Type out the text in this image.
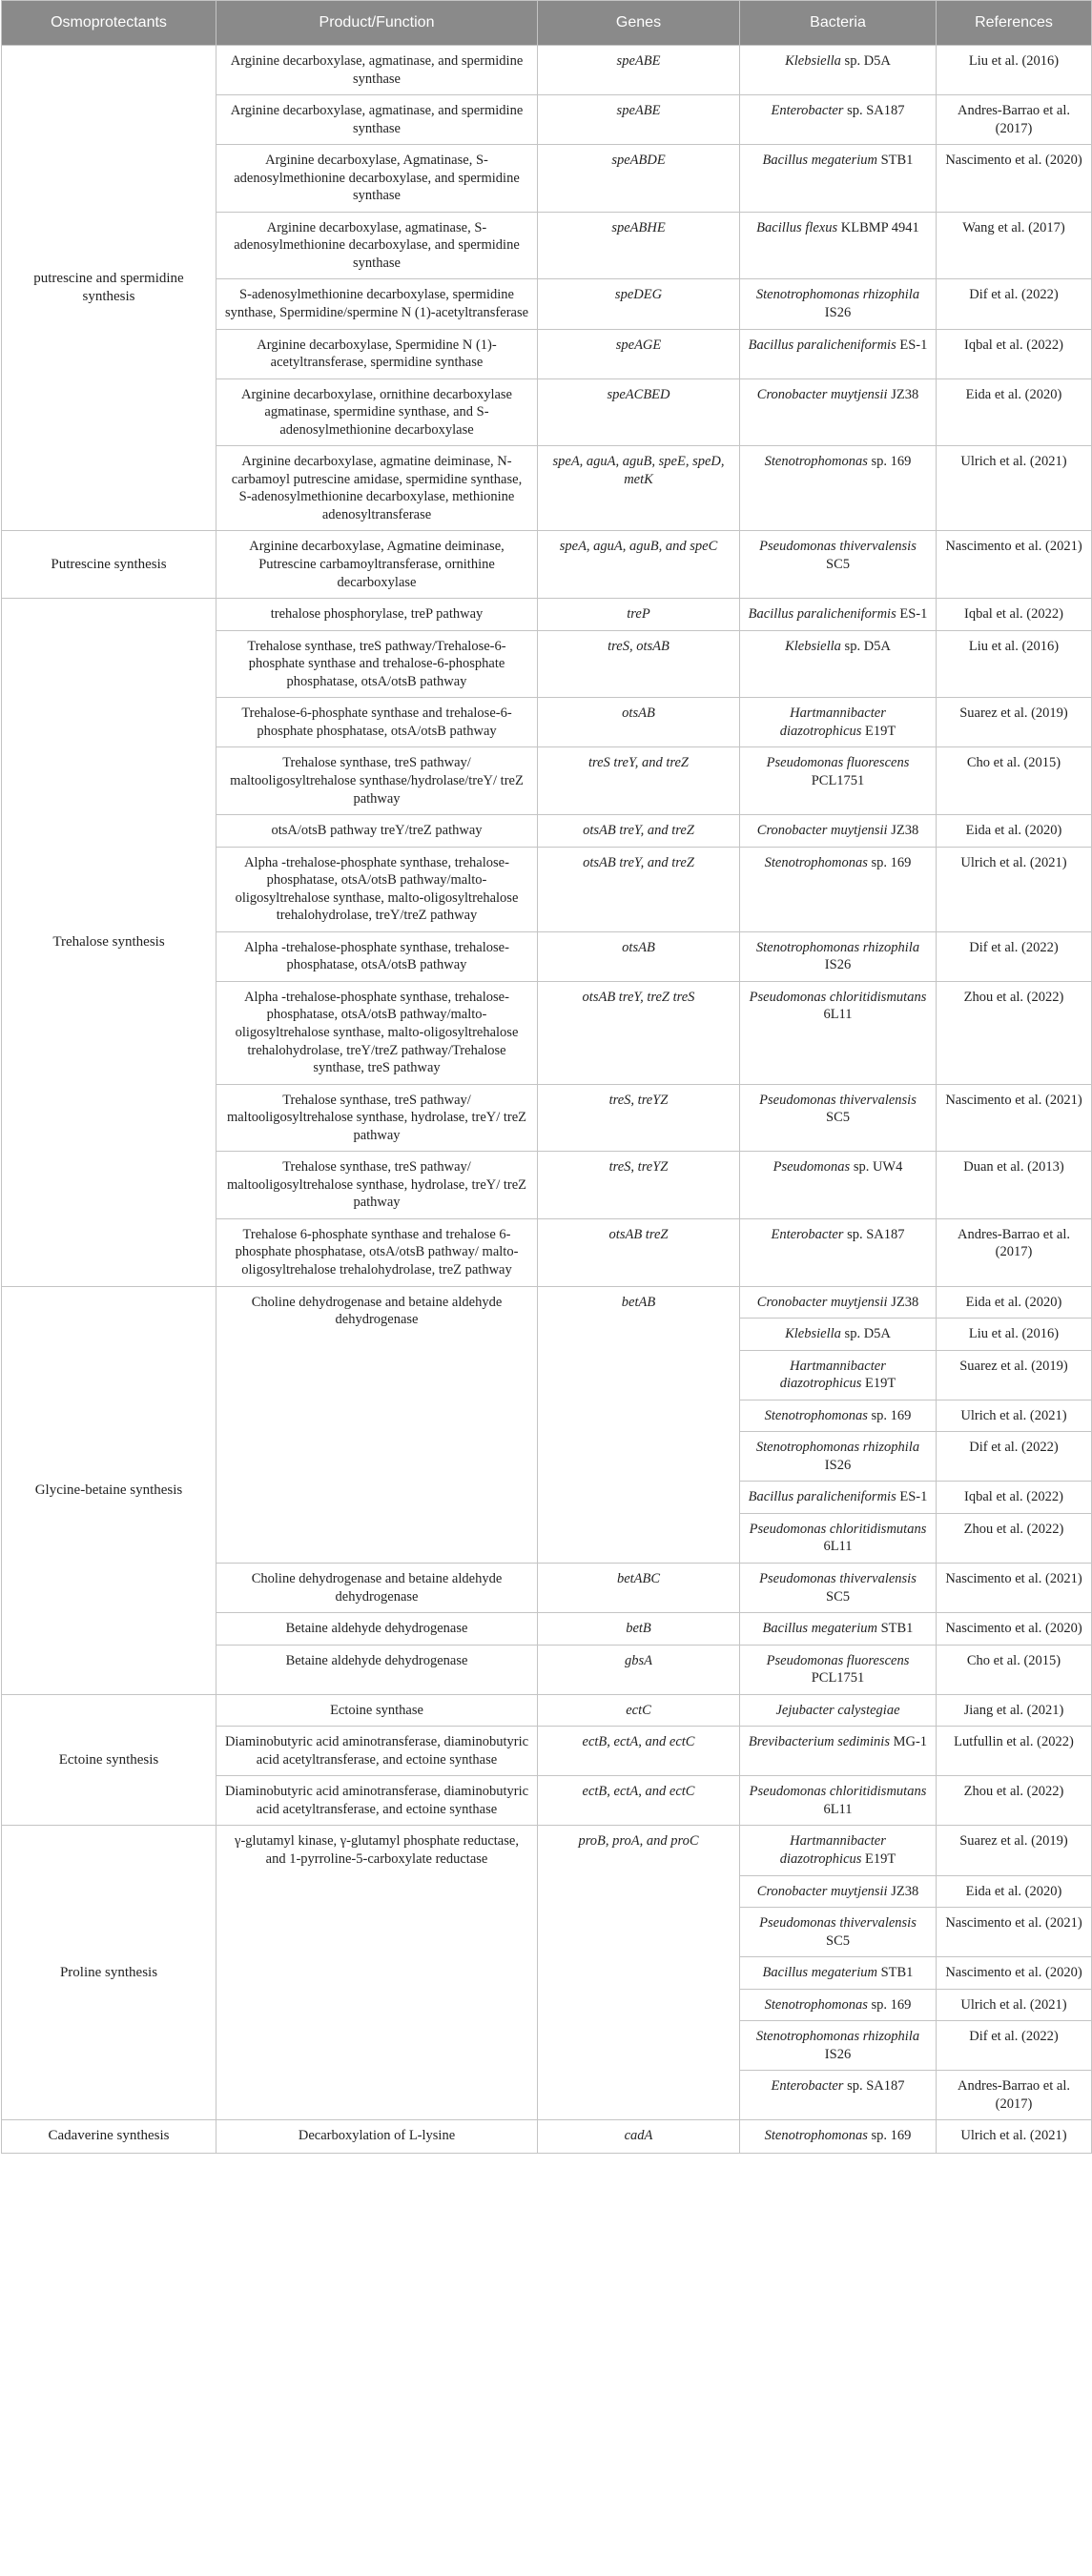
Osmoprotectants	Product/Function	Genes	Bacteria	References
putrescine and spermidine synthesis	Arginine decarboxylase, agmatinase, and spermidine synthase	speABE	Klebsiella sp. D5A	Liu et al. (2016)
	Arginine decarboxylase, agmatinase, and spermidine synthase	speABE	Enterobacter sp. SA187	Andres-Barrao et al. (2017)
	Arginine decarboxylase, Agmatinase, S-adenosylmethionine decarboxylase, and spermidine synthase	speABDE	Bacillus megaterium STB1	Nascimento et al. (2020)
	Arginine decarboxylase, agmatinase, S-adenosylmethionine decarboxylase, and spermidine synthase	speABHE	Bacillus flexus KLBMP 4941	Wang et al. (2017)
	S-adenosylmethionine decarboxylase, spermidine synthase, Spermidine/spermine N (1)-acetyltransferase	speDEG	Stenotrophomonas rhizophila IS26	Dif et al. (2022)
	Arginine decarboxylase, Spermidine N (1)-acetyltransferase, spermidine synthase	speAGE	Bacillus paralicheniformis ES-1	Iqbal et al. (2022)
	Arginine decarboxylase, ornithine decarboxylase agmatinase, spermidine synthase, and S-adenosylmethionine decarboxylase	speACBED	Cronobacter muytjensii JZ38	Eida et al. (2020)
	Arginine decarboxylase, agmatine deiminase, N-carbamoyl putrescine amidase, spermidine synthase, S-adenosylmethionine decarboxylase, methionine adenosyltransferase	speA, aguA, aguB, speE, speD, metK	Stenotrophomonas sp. 169	Ulrich et al. (2021)
Putrescine synthesis	Arginine decarboxylase, Agmatine deiminase, Putrescine carbamoyltransferase, ornithine decarboxylase	speA, aguA, aguB, and speC	Pseudomonas thivervalensis SC5	Nascimento et al. (2021)
Trehalose synthesis	trehalose phosphorylase, treP pathway	treP	Bacillus paralicheniformis ES-1	Iqbal et al. (2022)
	Trehalose synthase, treS pathway/Trehalose-6-phosphate synthase and trehalose-6-phosphate phosphatase, otsA/otsB pathway	treS, otsAB	Klebsiella sp. D5A	Liu et al. (2016)
	Trehalose-6-phosphate synthase and trehalose-6-phosphate phosphatase, otsA/otsB pathway	otsAB	Hartmannibacter diazotrophicus E19T	Suarez et al. (2019)
	Trehalose synthase, treS pathway/ maltooligosyltrehalose synthase/hydrolase/treY/ treZ pathway	treS treY, and treZ	Pseudomonas fluorescens PCL1751	Cho et al. (2015)
	otsA/otsB pathway treY/treZ pathway	otsAB treY, and treZ	Cronobacter muytjensii JZ38	Eida et al. (2020)
	Alpha -trehalose-phosphate synthase, trehalose-phosphatase, otsA/otsB pathway/malto-oligosyltrehalose synthase, malto-oligosyltrehalose trehalohydrolase, treY/treZ pathway	otsAB treY, and treZ	Stenotrophomonas sp. 169	Ulrich et al. (2021)
	Alpha -trehalose-phosphate synthase, trehalose-phosphatase, otsA/otsB pathway	otsAB	Stenotrophomonas rhizophila IS26	Dif et al. (2022)
	Alpha -trehalose-phosphate synthase, trehalose-phosphatase, otsA/otsB pathway/malto-oligosyltrehalose synthase, malto-oligosyltrehalose trehalohydrolase, treY/treZ pathway/Trehalose synthase, treS pathway	otsAB treY, treZ treS	Pseudomonas chloritidismutans 6L11	Zhou et al. (2022)
	Trehalose synthase, treS pathway/ maltooligosyltrehalose synthase, hydrolase, treY/ treZ pathway	treS, treYZ	Pseudomonas thivervalensis SC5	Nascimento et al. (2021)
	Trehalose synthase, treS pathway/ maltooligosyltrehalose synthase, hydrolase, treY/ treZ pathway	treS, treYZ	Pseudomonas sp. UW4	Duan et al. (2013)
	Trehalose 6-phosphate synthase and trehalose 6-phosphate phosphatase, otsA/otsB pathway/ malto-oligosyltrehalose trehalohydrolase, treZ pathway	otsAB treZ	Enterobacter sp. SA187	Andres-Barrao et al. (2017)
Glycine-betaine synthesis	Choline dehydrogenase and betaine aldehyde dehydrogenase	betAB	Cronobacter muytjensii JZ38	Eida et al. (2020)
			Klebsiella sp. D5A	Liu et al. (2016)
			Hartmannibacter diazotrophicus E19T	Suarez et al. (2019)
			Stenotrophomonas sp. 169	Ulrich et al. (2021)
			Stenotrophomonas rhizophila IS26	Dif et al. (2022)
			Bacillus paralicheniformis ES-1	Iqbal et al. (2022)
			Pseudomonas chloritidismutans 6L11	Zhou et al. (2022)
	Choline dehydrogenase and betaine aldehyde dehydrogenase	betABC	Pseudomonas thivervalensis SC5	Nascimento et al. (2021)
	Betaine aldehyde dehydrogenase	betB	Bacillus megaterium STB1	Nascimento et al. (2020)
	Betaine aldehyde dehydrogenase	gbsA	Pseudomonas fluorescens PCL1751	Cho et al. (2015)
Ectoine synthesis	Ectoine synthase	ectC	Jejubacter calystegiae	Jiang et al. (2021)
	Diaminobutyric acid aminotransferase, diaminobutyric acid acetyltransferase, and ectoine synthase	ectB, ectA, and ectC	Brevibacterium sediminis MG-1	Lutfullin et al. (2022)
	Diaminobutyric acid aminotransferase, diaminobutyric acid acetyltransferase, and ectoine synthase	ectB, ectA, and ectC	Pseudomonas chloritidismutans 6L11	Zhou et al. (2022)
Proline synthesis	γ-glutamyl kinase, γ-glutamyl phosphate reductase, and 1-pyrroline-5-carboxylate reductase	proB, proA, and proC	Hartmannibacter diazotrophicus E19T	Suarez et al. (2019)
			Cronobacter muytjensii JZ38	Eida et al. (2020)
			Pseudomonas thivervalensis SC5	Nascimento et al. (2021)
			Bacillus megaterium STB1	Nascimento et al. (2020)
			Stenotrophomonas sp. 169	Ulrich et al. (2021)
			Stenotrophomonas rhizophila IS26	Dif et al. (2022)
			Enterobacter sp. SA187	Andres-Barrao et al. (2017)
Cadaverine synthesis	Decarboxylation of L-lysine	cadA	Stenotrophomonas sp. 169	Ulrich et al. (2021)
